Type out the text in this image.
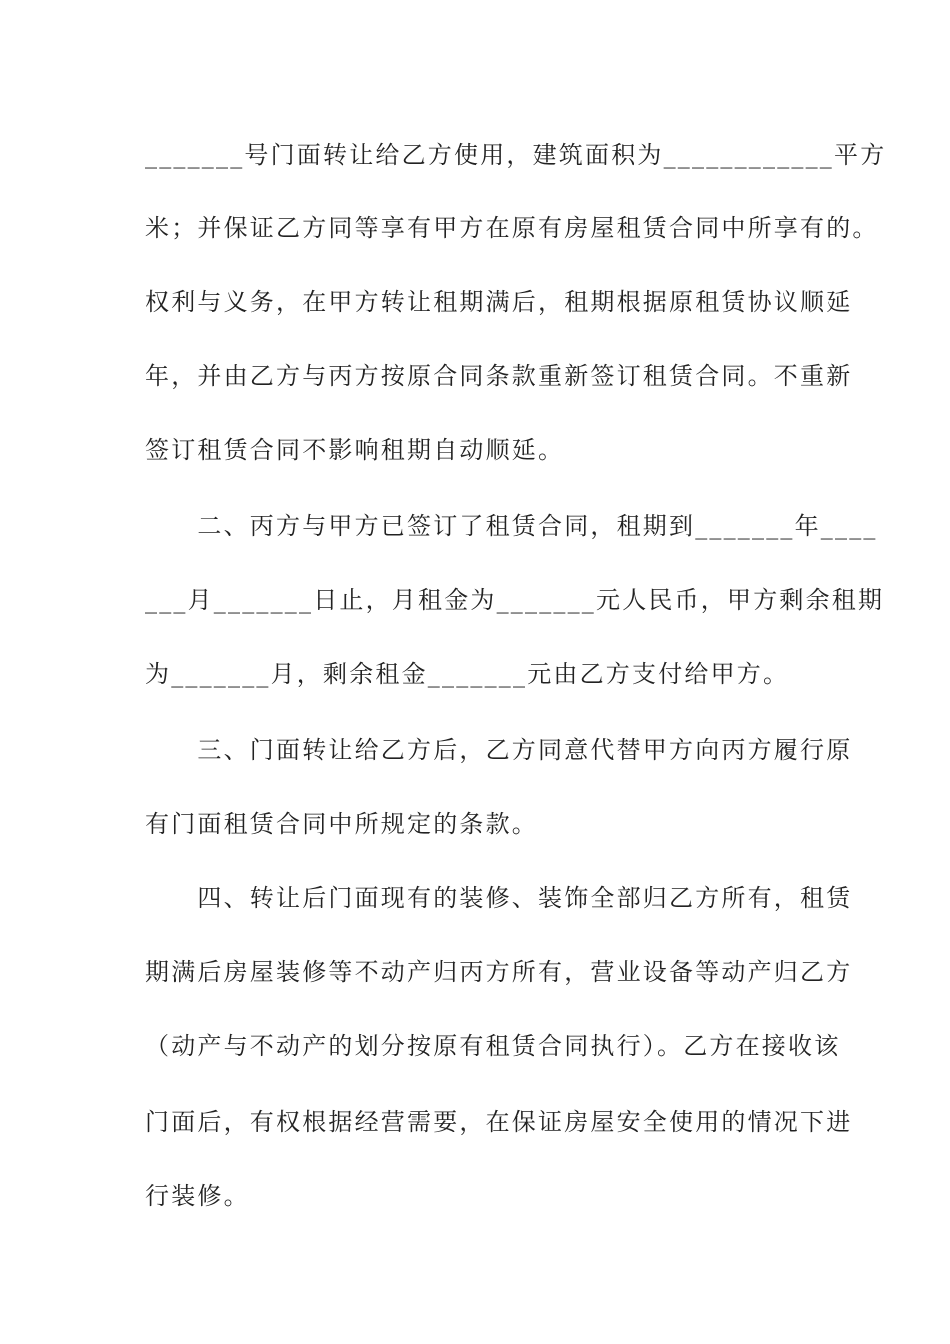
_______号门面转让给乙方使用，建筑面积为____________平方
米；并保证乙方同等享有甲方在原有房屋租赁合同中所享有的。
权利与义务，在甲方转让租期满后，租期根据原租赁协议顺延
年，并由乙方与丙方按原合同条款重新签订租赁合同。不重新
签订租赁合同不影响租期自动顺延。
　　二、丙方与甲方已签订了租赁合同，租期到_______年____
___月_______日止，月租金为_______元人民币，甲方剩余租期
为_______月，剩余租金_______元由乙方支付给甲方。
　　三、门面转让给乙方后，乙方同意代替甲方向丙方履行原
有门面租赁合同中所规定的条款。
　　四、转让后门面现有的装修、装饰全部归乙方所有，租赁
期满后房屋装修等不动产归丙方所有，营业设备等动产归乙方
（动产与不动产的划分按原有租赁合同执行）。乙方在接收该
门面后，有权根据经营需要，在保证房屋安全使用的情况下进
行装修。
